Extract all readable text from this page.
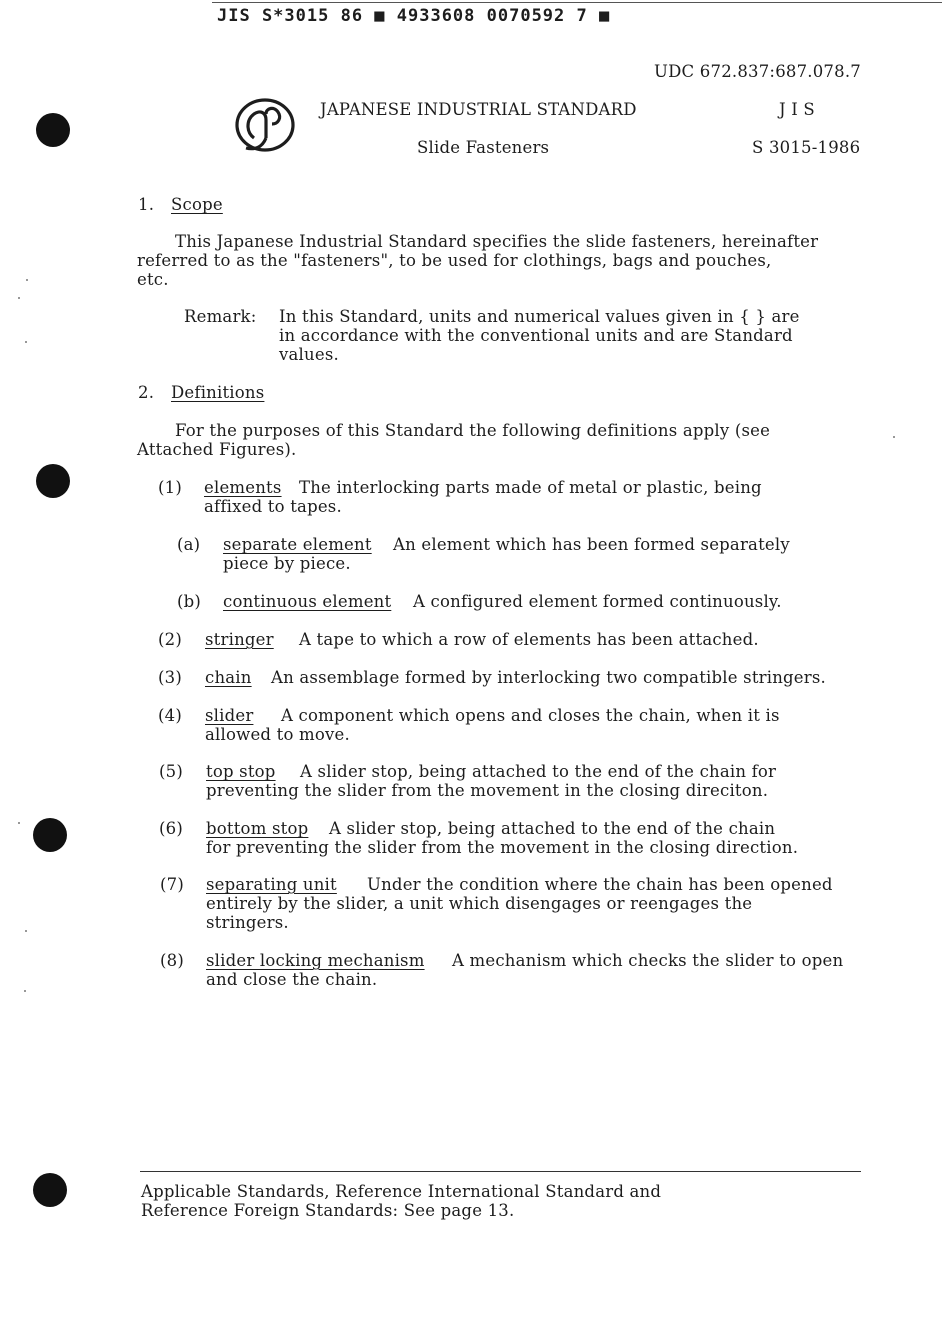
JIS S*3015 86 ■ 4933608 0070592 7 ■
UDC 672.837:687.078.7
JAPANESE INDUSTRIAL STANDARD	J I S
Slide Fasteners	S 3015-1986
1. Scope
This Japanese Industrial Standard specifies the slide fasteners, hereinafter
referred to as the "fasteners", to be used for clothings, bags and pouches,
etc.
Remark: In this Standard, units and numerical values given in { } are
in accordance with the conventional units and are Standard
values.
2. Definitions
For the purposes of this Standard the following definitions apply (see
Attached Figures).
(1) elements The interlocking parts made of metal or plastic, being
affixed to tapes.
(a) separate element An element which has been formed separately
piece by piece.
(b) continuous element A configured element formed continuously.
(2) stringer A tape to which a row of elements has been attached.
(3) chain An assemblage formed by interlocking two compatible stringers.
(4) slider A component which opens and closes the chain, when it is
allowed to move.
(5) top stop A slider stop, being attached to the end of the chain for
preventing the slider from the movement in the closing direciton.
(6) bottom stop A slider stop, being attached to the end of the chain
for preventing the slider from the movement in the closing direction.
(7) separating unit Under the condition where the chain has been opened
entirely by the slider, a unit which disengages or reengages the
stringers.
(8) slider locking mechanism A mechanism which checks the slider to open
and close the chain.
Applicable Standards, Reference International Standard and
Reference Foreign Standards: See page 13.
